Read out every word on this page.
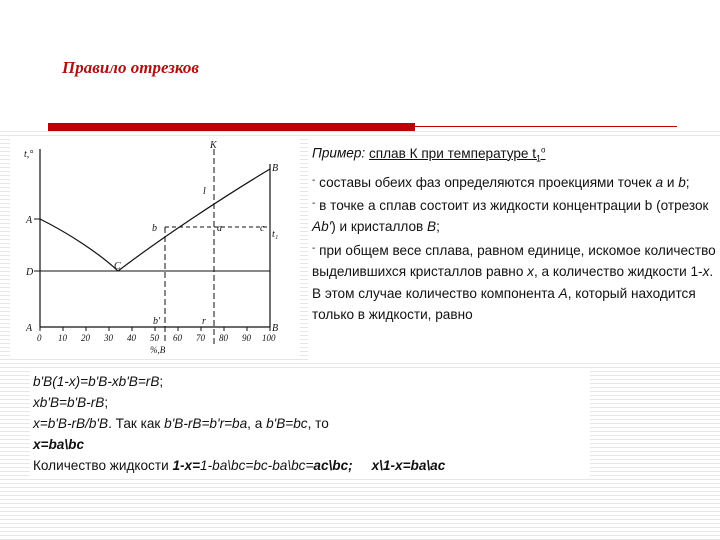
Правило отрезков
t,°
A
D
A
B
B
c
t₁
C
b
b'
a
K
l
r
0 10 20 30 40 50 60 70 80 90 100
%,B

Пример: сплав К при температуре $t_1^o$

- составы обеих фаз определяются проекциями точек a и b;

- в точке а сплав состоит из жидкости концентрации b (отрезок Ab') и кристаллов B;

- при общем весе сплава, равном единице, искомое количество выделившихся кристаллов равно x, а количество жидкости 1-x.

В этом случае количество компонента A, который находится только в жидкости, равно

b'B(1-x)=b'B-xb'B=rB;

xb'B=b'B-rB;

x=b'B-rB/b'B. Так как b'B-rB=b'r=ba, а b'B=bc, то

x=ba\bc

Количество жидкости 1-x=1-ba\bc=bc-ba\bc=ac\bc; x\1-x=ba\ac
